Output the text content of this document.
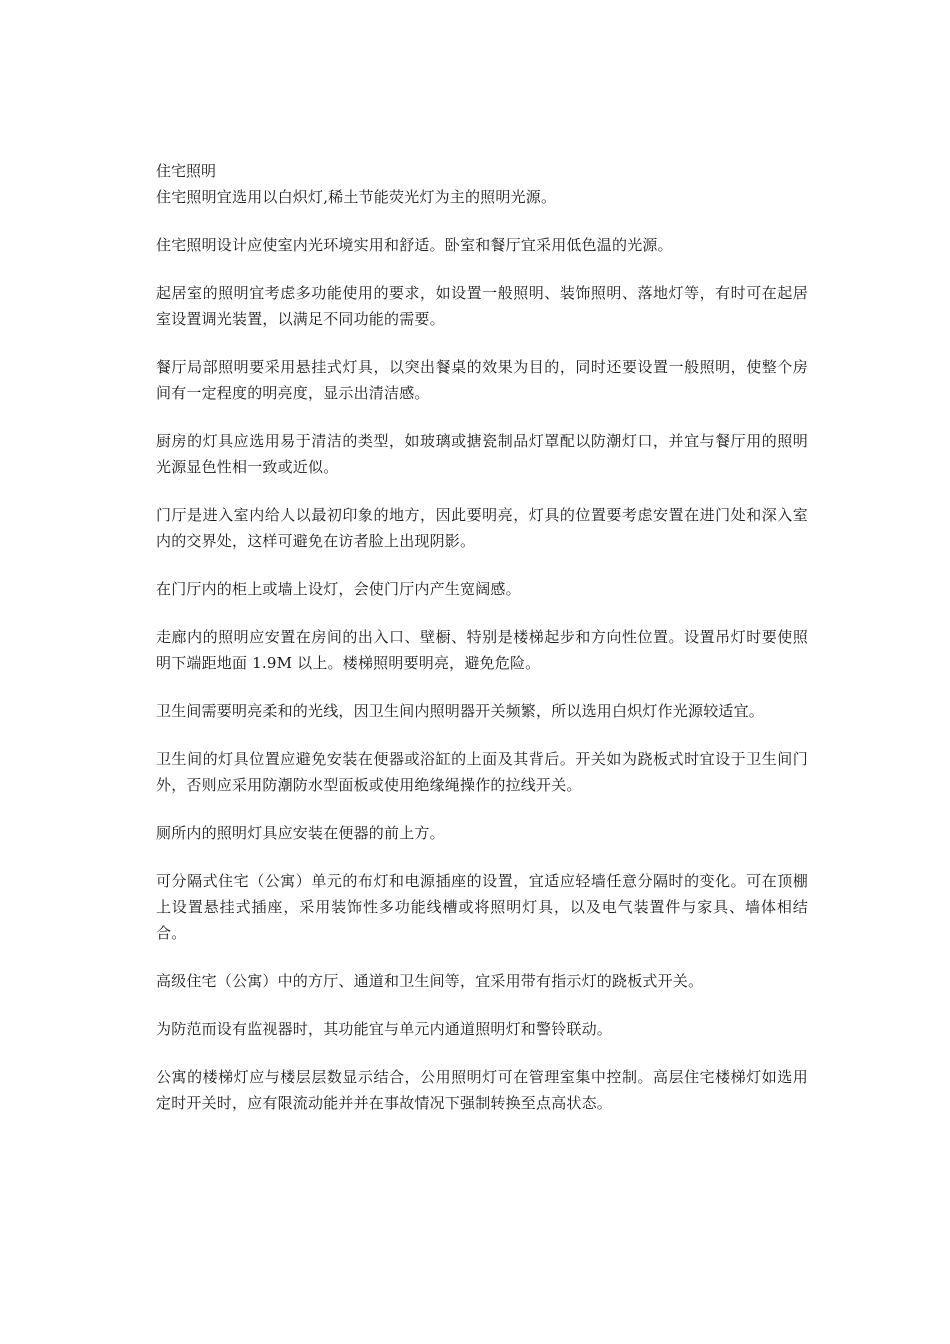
住宅照明

住宅照明宜选用以白炽灯,稀土节能荧光灯为主的照明光源。

住宅照明设计应使室内光环境实用和舒适。卧室和餐厅宜采用低色温的光源。

起居室的照明宜考虑多功能使用的要求，如设置一般照明、装饰照明、落地灯等，有时可在起居室设置调光装置，以满足不同功能的需要。

餐厅局部照明要采用悬挂式灯具，以突出餐桌的效果为目的，同时还要设置一般照明，使整个房间有一定程度的明亮度，显示出清洁感。

厨房的灯具应选用易于清洁的类型，如玻璃或搪瓷制品灯罩配以防潮灯口，并宜与餐厅用的照明光源显色性相一致或近似。

门厅是进入室内给人以最初印象的地方，因此要明亮，灯具的位置要考虑安置在进门处和深入室内的交界处，这样可避免在访者脸上出现阴影。

在门厅内的柜上或墙上设灯，会使门厅内产生宽阔感。

走廊内的照明应安置在房间的出入口、壁橱、特别是楼梯起步和方向性位置。设置吊灯时要使照明下端距地面 1.9M 以上。楼梯照明要明亮，避免危险。

卫生间需要明亮柔和的光线，因卫生间内照明器开关频繁，所以选用白炽灯作光源较适宜。

卫生间的灯具位置应避免安装在便器或浴缸的上面及其背后。开关如为跷板式时宜设于卫生间门外，否则应采用防潮防水型面板或使用绝缘绳操作的拉线开关。

厕所内的照明灯具应安装在便器的前上方。

可分隔式住宅（公寓）单元的布灯和电源插座的设置，宜适应轻墙任意分隔时的变化。可在顶棚上设置悬挂式插座，采用装饰性多功能线槽或将照明灯具，以及电气装置件与家具、墙体相结合。

高级住宅（公寓）中的方厅、通道和卫生间等，宜采用带有指示灯的跷板式开关。

为防范而设有监视器时，其功能宜与单元内通道照明灯和警铃联动。

公寓的楼梯灯应与楼层层数显示结合，公用照明灯可在管理室集中控制。高层住宅楼梯灯如选用定时开关时，应有限流动能并并在事故情况下强制转换至点高状态。
